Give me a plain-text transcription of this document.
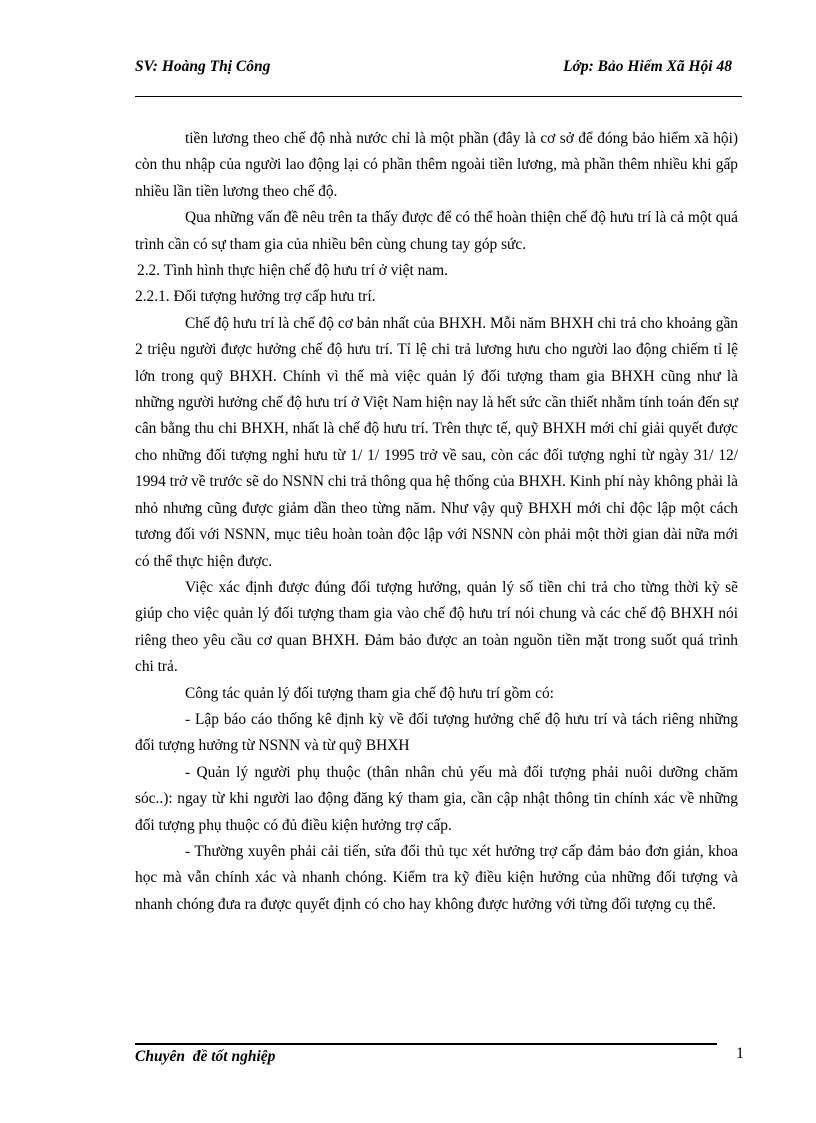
SV: Hoàng Thị Công	Lớp: Bảo Hiểm Xã Hội 48

tiền lương theo chế độ nhà nước chỉ là một phần (đây là cơ sở để đóng bảo hiểm xã hội) còn thu nhập của người lao động lại có phần thêm ngoài tiền lương, mà phần thêm nhiều khi gấp nhiều lần tiền lương theo chế độ.

Qua những vấn đề nêu trên ta thấy được để có thể hoàn thiện chế độ hưu trí là cả một quá trình cần có sự tham gia của nhiều bên cùng chung tay góp sức.

2.2. Tình hình thực hiện chế độ hưu trí ở việt nam.

2.2.1. Đối tượng hưởng trợ cấp hưu trí.

Chế độ hưu trí là chế độ cơ bản nhất của BHXH. Mỗi năm BHXH chi trả cho khoảng gần 2 triệu người được hưởng chế độ hưu trí. Tỉ lệ chi trả lương hưu cho người lao động chiếm tỉ lệ lớn trong quỹ BHXH. Chính vì thế mà việc quản lý đối tượng tham gia BHXH cũng như là những người hưởng chế độ hưu trí ở Việt Nam hiện nay là hết sức cần thiết nhằm tính toán đến sự cân bằng thu chi BHXH, nhất là chế độ hưu trí. Trên thực tế, quỹ BHXH mới chỉ giải quyết được cho những đối tượng nghỉ hưu từ 1/ 1/ 1995 trở về sau, còn các đối tượng nghỉ từ ngày 31/ 12/ 1994 trở về trước sẽ do NSNN chi trả thông qua hệ thống của BHXH. Kinh phí này không phải là nhỏ nhưng cũng được giảm dần theo từng năm. Như vậy quỹ BHXH mới chỉ độc lập một cách tương đối với NSNN, mục tiêu hoàn toàn độc lập với NSNN còn phải một thời gian dài nữa mới có thể thực hiện được.

Việc xác định được đúng đối tượng hưởng, quản lý số tiền chi trả cho từng thời kỳ sẽ giúp cho việc quản lý đối tượng tham gia vào chế độ hưu trí nói chung và các chế độ BHXH nói riêng theo yêu cầu cơ quan BHXH. Đảm bảo được an toàn nguồn tiền mặt trong suốt quá trình chi trả.

Công tác quản lý đối tượng tham gia chế độ hưu trí gồm có:

- Lập báo cáo thống kê định kỳ về đối tượng hưởng chế độ hưu trí và tách riêng những đối tượng hưởng từ NSNN và từ quỹ BHXH

- Quản lý người phụ thuộc (thân nhân chủ yếu mà đối tượng phải nuôi dưỡng chăm sóc..): ngay từ khi người lao động đăng ký tham gia, cần cập nhật thông tin chính xác về những đối tượng phụ thuộc có đủ điều kiện hưởng trợ cấp.

- Thường xuyên phải cải tiến, sửa đổi thủ tục xét hưởng trợ cấp đảm bảo đơn giản, khoa học mà vẫn chính xác và nhanh chóng. Kiểm tra kỹ điều kiện hưởng của những đối tượng và nhanh chóng đưa ra được quyết định có cho hay không được hưởng với từng đối tượng cụ thể.

Chuyên  đề tốt nghiệp	1
